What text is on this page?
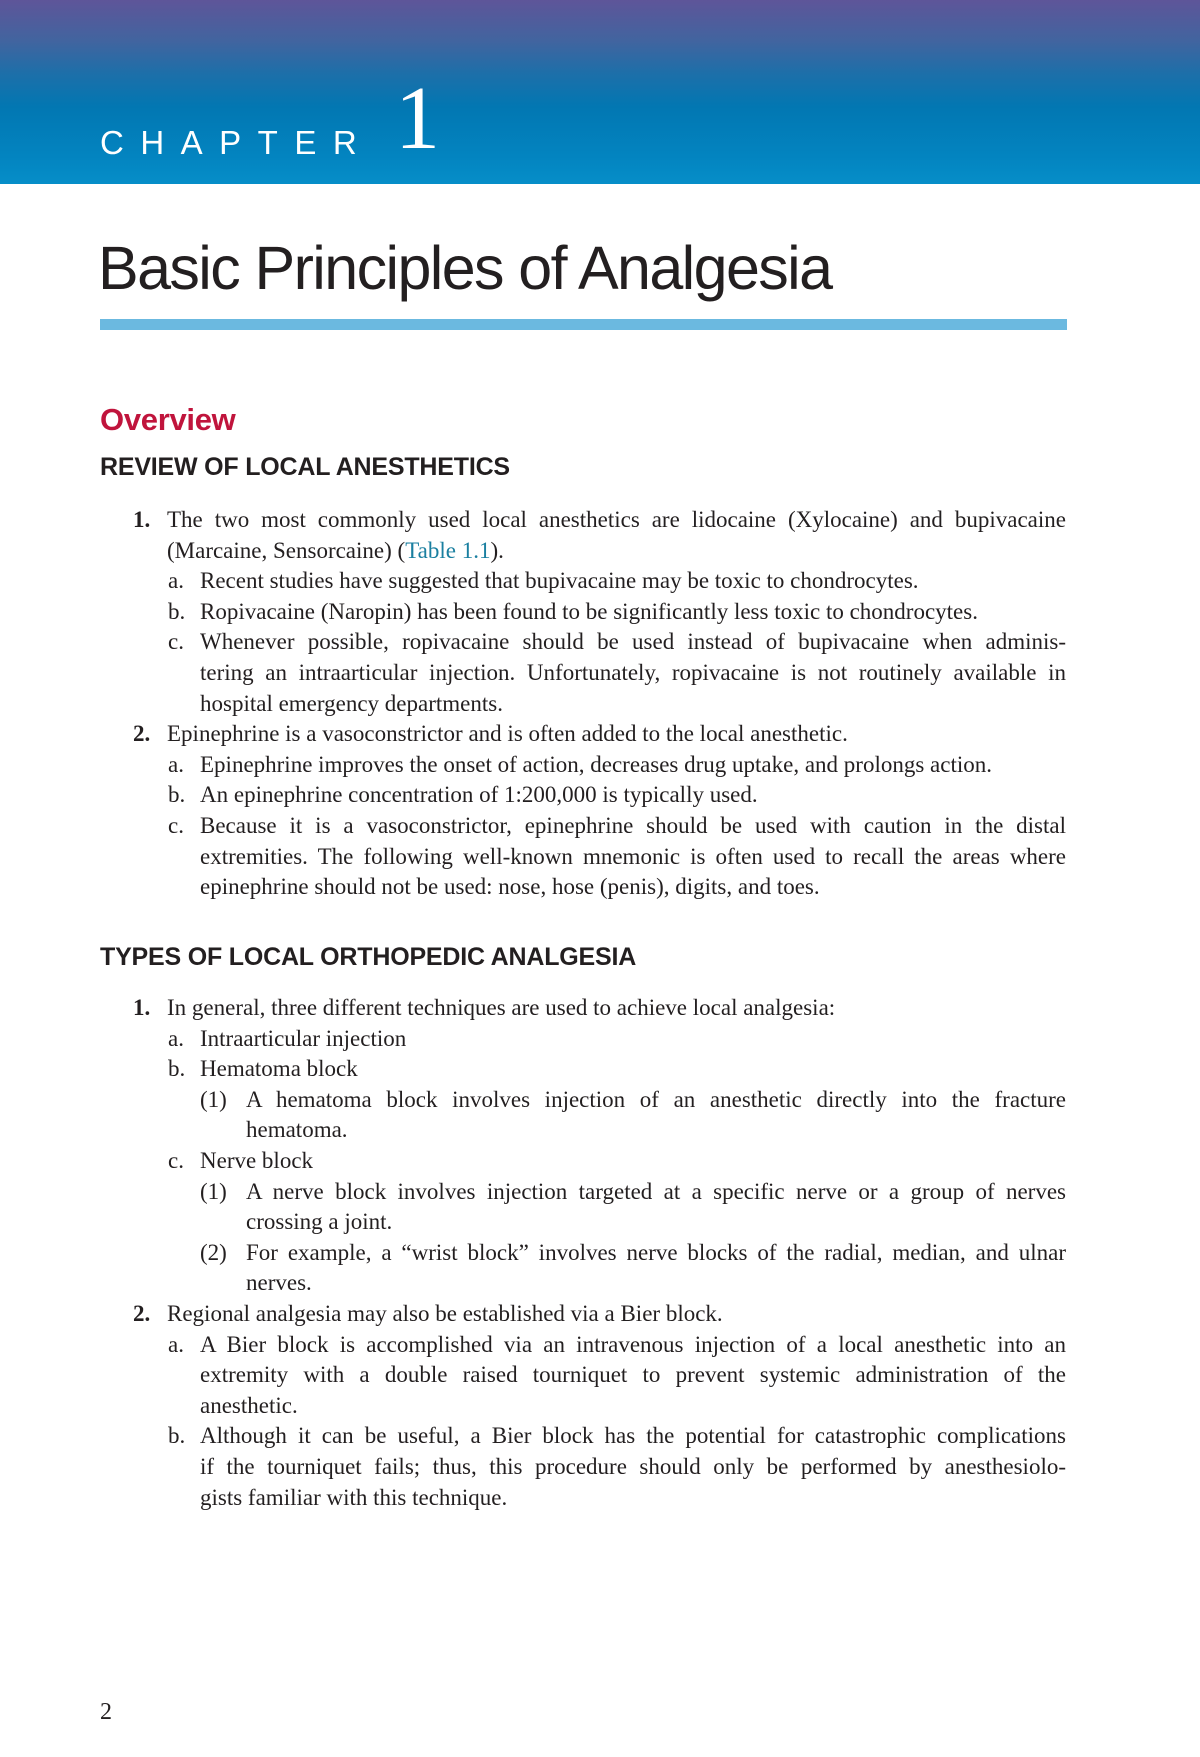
CHAPTER 1
Basic Principles of Analgesia
Overview
REVIEW OF LOCAL ANESTHETICS
1. The two most commonly used local anesthetics are lidocaine (Xylocaine) and bupivacaine
(Marcaine, Sensorcaine) (Table 1.1).
a. Recent studies have suggested that bupivacaine may be toxic to chondrocytes.
b. Ropivacaine (Naropin) has been found to be significantly less toxic to chondrocytes.
c. Whenever possible, ropivacaine should be used instead of bupivacaine when adminis-
tering an intraarticular injection. Unfortunately, ropivacaine is not routinely available in
hospital emergency departments.
2. Epinephrine is a vasoconstrictor and is often added to the local anesthetic.
a. Epinephrine improves the onset of action, decreases drug uptake, and prolongs action.
b. An epinephrine concentration of 1:200,000 is typically used.
c. Because it is a vasoconstrictor, epinephrine should be used with caution in the distal
extremities. The following well-known mnemonic is often used to recall the areas where
epinephrine should not be used: nose, hose (penis), digits, and toes.
TYPES OF LOCAL ORTHOPEDIC ANALGESIA
1. In general, three different techniques are used to achieve local analgesia:
a. Intraarticular injection
b. Hematoma block
(1) A hematoma block involves injection of an anesthetic directly into the fracture
hematoma.
c. Nerve block
(1) A nerve block involves injection targeted at a specific nerve or a group of nerves
crossing a joint.
(2) For example, a “wrist block” involves nerve blocks of the radial, median, and ulnar
nerves.
2. Regional analgesia may also be established via a Bier block.
a. A Bier block is accomplished via an intravenous injection of a local anesthetic into an
extremity with a double raised tourniquet to prevent systemic administration of the
anesthetic.
b. Although it can be useful, a Bier block has the potential for catastrophic complications
if the tourniquet fails; thus, this procedure should only be performed by anesthesiolo-
gists familiar with this technique.
2
